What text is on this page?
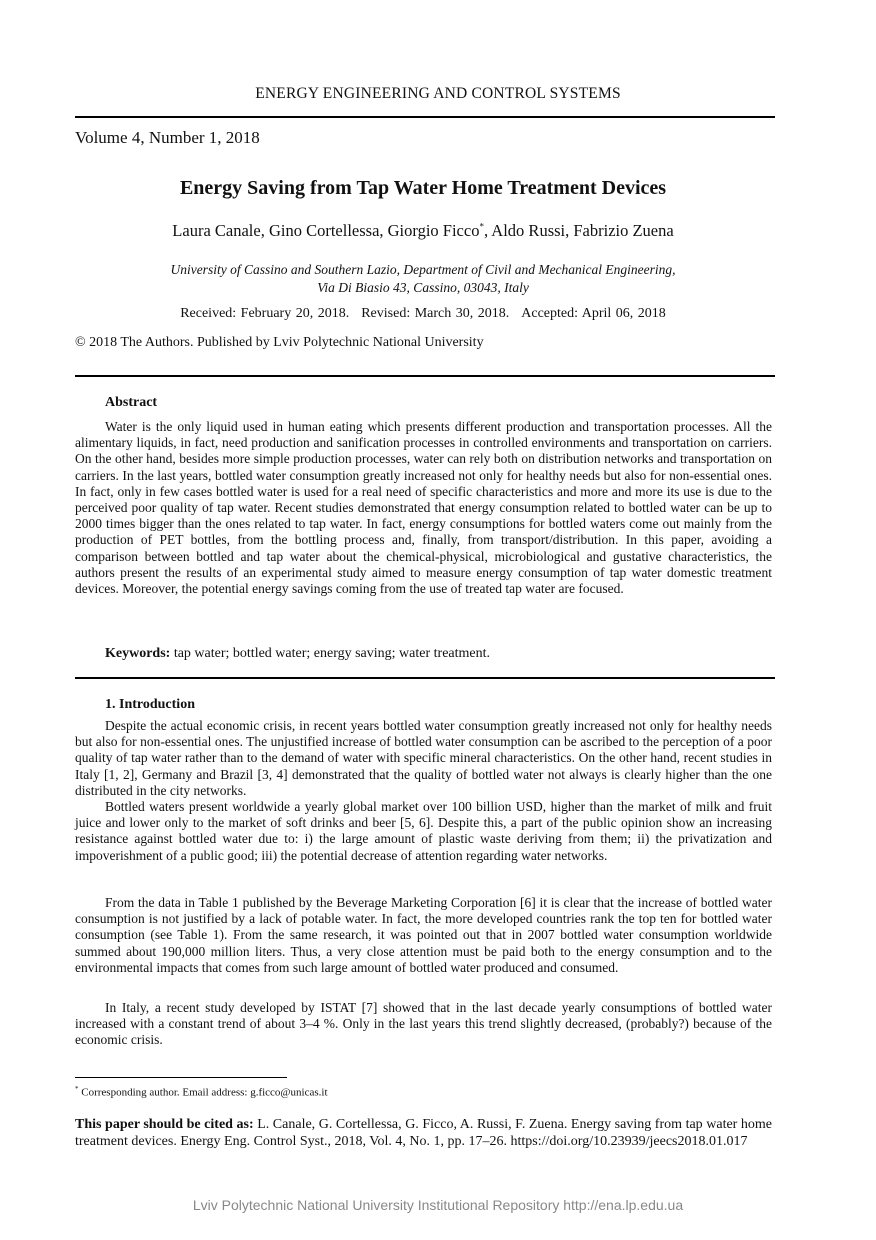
ENERGY ENGINEERING AND CONTROL SYSTEMS
Volume 4, Number 1, 2018
Energy Saving from Tap Water Home Treatment Devices
Laura Canale, Gino Cortellessa, Giorgio Ficco*, Aldo Russi, Fabrizio Zuena
University of Cassino and Southern Lazio, Department of Civil and Mechanical Engineering,
Via Di Biasio 43, Cassino, 03043, Italy
Received: February 20, 2018. Revised: March 30, 2018. Accepted: April 06, 2018
© 2018 The Authors. Published by Lviv Polytechnic National University
Abstract

Water is the only liquid used in human eating which presents different production and transportation processes. All the alimentary liquids, in fact, need production and sanification processes in controlled environments and transportation on carriers. On the other hand, besides more simple production processes, water can rely both on distribution networks and transportation on carriers. In the last years, bottled water consumption greatly increased not only for healthy needs but also for non-essential ones. In fact, only in few cases bottled water is used for a real need of specific characteristics and more and more its use is due to the perceived poor quality of tap water. Recent studies demonstrated that energy consumption related to bottled water can be up to 2000 times bigger than the ones related to tap water. In fact, energy consumptions for bottled waters come out mainly from the production of PET bottles, from the bottling process and, finally, from transport/distribution. In this paper, avoiding a comparison between bottled and tap water about the chemical-physical, microbiological and gustative characteristics, the authors present the results of an experimental study aimed to measure energy consumption of tap water domestic treatment devices. Moreover, the potential energy savings coming from the use of treated tap water are focused.

Keywords: tap water; bottled water; energy saving; water treatment.
1. Introduction

Despite the actual economic crisis, in recent years bottled water consumption greatly increased not only for healthy needs but also for non-essential ones. The unjustified increase of bottled water consumption can be ascribed to the perception of a poor quality of tap water rather than to the demand of water with specific mineral characteristics. On the other hand, recent studies in Italy [1, 2], Germany and Brazil [3, 4] demonstrated that the quality of bottled water not always is clearly higher than the one distributed in the city networks.

Bottled waters present worldwide a yearly global market over 100 billion USD, higher than the market of milk and fruit juice and lower only to the market of soft drinks and beer [5, 6]. Despite this, a part of the public opinion show an increasing resistance against bottled water due to: i) the large amount of plastic waste deriving from them; ii) the privatization and impoverishment of a public good; iii) the potential decrease of attention regarding water networks.

From the data in Table 1 published by the Beverage Marketing Corporation [6] it is clear that the increase of bottled water consumption is not justified by a lack of potable water. In fact, the more developed countries rank the top ten for bottled water consumption (see Table 1). From the same research, it was pointed out that in 2007 bottled water consumption worldwide summed about 190,000 million liters. Thus, a very close attention must be paid both to the energy consumption and to the environmental impacts that comes from such large amount of bottled water produced and consumed.

In Italy, a recent study developed by ISTAT [7] showed that in the last decade yearly consumptions of bottled water increased with a constant trend of about 3–4 %. Only in the last years this trend slightly decreased, (probably?) because of the economic crisis.

* Corresponding author. Email address: g.ficco@unicas.it
This paper should be cited as: L. Canale, G. Cortellessa, G. Ficco, A. Russi, F. Zuena. Energy saving from tap water home treatment devices. Energy Eng. Control Syst., 2018, Vol. 4, No. 1, pp. 17–26. https://doi.org/10.23939/jeecs2018.01.017
Lviv Polytechnic National University Institutional Repository http://ena.lp.edu.ua
